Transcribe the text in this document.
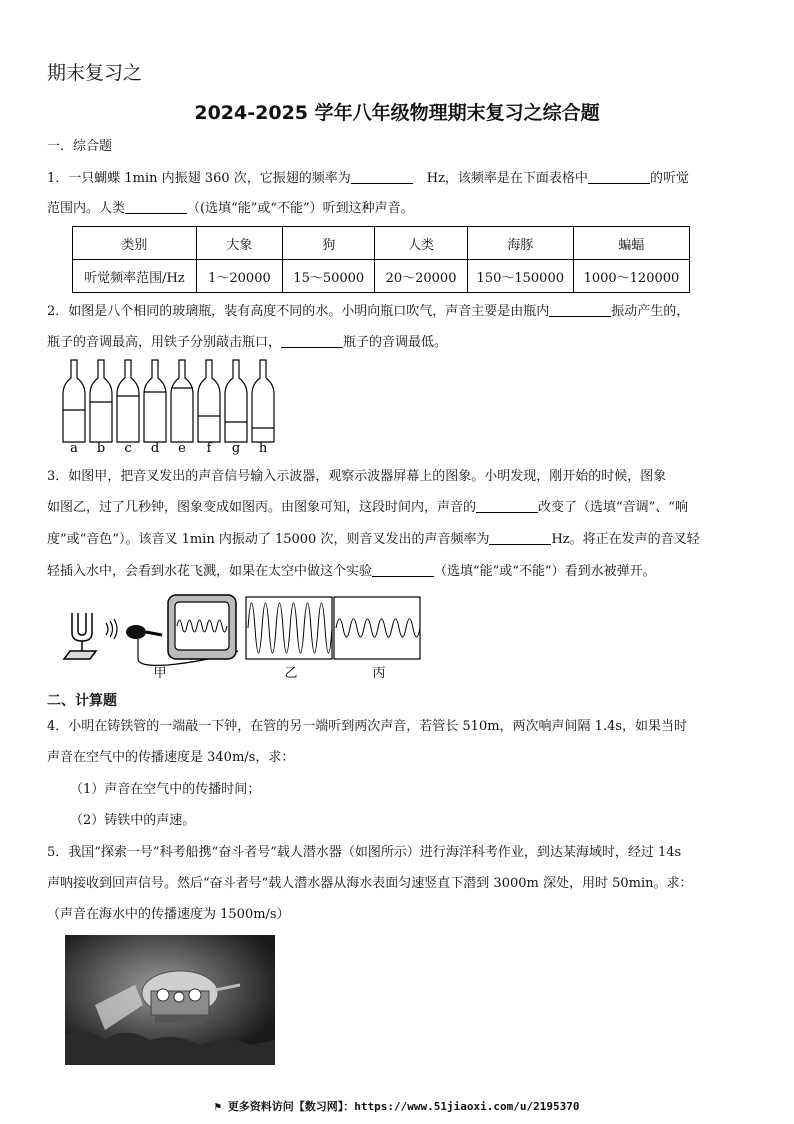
期末复习之
2024-2025 学年八年级物理期末复习之综合题
一．综合题
1．一只蝴蝶 1min 内振翅 360 次，它振翅的频率为	Hz，该频率是在下面表格中	的听觉
范围内。人类	（(选填“能”或“不能”）听到这种声音。
类别	大象	狗	人类	海豚	蝙蝠
听觉频率范围/Hz	1～20000	15～50000	20～20000	150～150000	1000～120000
2．如图是八个相同的玻璃瓶，装有高度不同的水。小明向瓶口吹气，声音主要是由瓶内	振动产生的，
瓶子的音调最高，用铁子分别敲击瓶口，	瓶子的音调最低。
a b c d e f g h
3．如图甲，把音叉发出的声音信号输入示波器，观察示波器屏幕上的图象。小明发现，刚开始的时候，图象
如图乙，过了几秒钟，图象变成如图丙。由图象可知，这段时间内，声音的	改变了（选填“音调”、“响
度”或“音色”）。该音叉 1min 内振动了 15000 次，则音叉发出的声音频率为	Hz。将正在发声的音叉轻
轻插入水中，会看到水花飞溅，如果在太空中做这个实验	（选填“能”或“不能”）看到水被弹开。
甲	乙	丙
二、计算题
4．小明在铸铁管的一端敲一下钟，在管的另一端听到两次声音，若管长 510m，两次响声间隔 1.4s，如果当时
声音在空气中的传播速度是 340m/s，求：
（1）声音在空气中的传播时间；
（2）铸铁中的声速。
5．我国“探索一号”科考船携“奋斗者号”载人潜水器（如图所示）进行海洋科考作业，到达某海域时，经过 14s
声呐接收到回声信号。然后“奋斗者号”载人潜水器从海水表面匀速竖直下潜到 3000m 深处，用时 50min。求：
（声音在海水中的传播速度为 1500m/s）
⚑ 更多资料访问【数习网】：https://www.51jiaoxi.com/u/2195370
